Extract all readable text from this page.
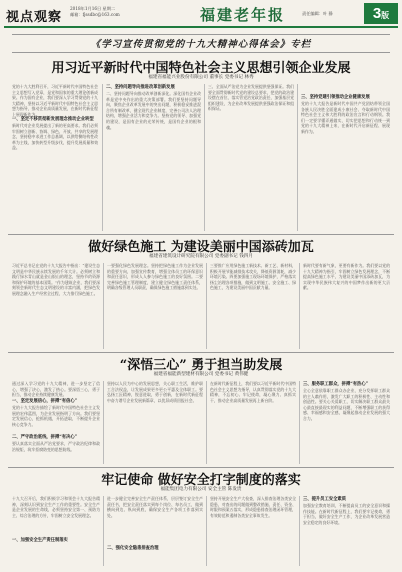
视点观察
2018年1月16日 星期二
邮箱：fjssdbc@163.com	福建老年报	责任编辑：叶 静	3版
《学习宣传贯彻党的十九大精神心得体会》专栏
用习近平新时代中国特色社会主义思想引领企业发展
福建省福能兴业股份有限公司 董事长 党委书记 林秀
党的十九大胜利召开，习近平新时代中国特色社会主义思想写入党章，是党和国家的重大理论创新成果。作为国有企业，我们要深入学习贯彻党的十九大精神，坚持以习近平新时代中国特色社会主义思想为指导，推动企业高质量发展，在新时代新征程上展现新作为。
一、坚定不移贯彻新发展理念推动企业转型
新时代对企业发展提出了新的更高要求。我们必须牢固树立创新、协调、绿色、开放、共享的发展理念，坚持稳中求进工作总基调，以供给侧结构性改革为主线，加快转型升级步伐，提升发展质量和效益。
二、坚持问题导向推进改革创新发展
二、坚持问题导向推动改革创新深化。深化国有企业改革是党中央作出的重大决策部署。我们要坚持问题导向，聚焦企业改革发展中的突出问题，积极稳妥推进混合所有制改革，健全现代企业制度，完善公司法人治理结构，增强企业活力和竞争力。坚持党的领导、加强党的建设，是国有企业的光荣传统，是国有企业的根和魂。
三、全面从严治党为企业发展提供坚强保证。我们要全面贯彻新时代党的建设总要求，把党的政治建设摆在首位，落实管党治党政治责任，加强基层党组织建设，为企业改革发展提供坚强政治保证和组织保证。
三、坚持党建引领推动企业健康发展
党的十九大报告是新时代中国共产党团结带领全国各族人民决胜全面建成小康社会、夺取新时代中国特色社会主义伟大胜利的政治宣言和行动纲领。我们一定要学懂弄通做实，切实把思想和行动统一到党的十九大精神上来，在新时代开启新征程、展现新作为。
做好绿色施工 为建设美丽中国添砖加瓦
福建省建筑设计研究院有限公司 党委副书记 钱四月
习近平总书记在党的十九大报告中指出：“建设生态文明是中华民族永续发展的千年大计。必须树立和践行绿水青山就是金山银山的理念，坚持节约资源和保护环境的基本国策。”作为建筑企业，我们要深刻领会新时代生态文明建设的丰富内涵，把绿色发展理念融入生产经营全过程，大力推行绿色施工。
一要强化绿色发展理念。坚持把绿色施工作为企业发展的重要方向，加强宣传教育，增强全体员工的环保意识和责任意识，形成人人参与绿色施工的良好氛围。二要完善绿色施工管理制度，建立健全绿色施工责任体系，明确各级管理人员职责，确保绿色施工措施落到实处。
三要推广应用绿色施工新技术、新工艺、新材料，积极开展节能减排技术攻关，降低资源消耗，减少环境污染。四要加强施工现场环境保护，严格落实扬尘治理各项措施，做到文明施工、安全施工、绿色施工，为建设美丽中国贡献力量。
新时代要有新气象，更要有新作为。我们要以党的十九大精神为指引，牢固树立绿色发展理念，不断提高绿色施工水平，为建设美丽中国添砖加瓦，为实现中华民族伟大复兴的中国梦作出新的更大贡献。
“深悟三心” 勇于担当助发展
福建省福能新型建材有限公司 党委书记 黄伟健
通过深入学习党的十九大精神，进一步坚定了信心，增强了决心，激发了热心。要深悟三心，勇于担当，推动企业持续健康发展。
一、坚定发展信心，拼搏“有信心”
党的十九大报告描绘了新时代中国特色社会主义发展的宏伟蓝图，为企业发展指明了方向。我们要坚定发展信心，抢抓机遇，开拓进取，不断提升企业核心竞争力。
二、严守政治底线，拼搏“有决心”
要认真落实全面从严治党要求，严守政治纪律和政治规矩，筑牢拒腐防变的思想防线。
坚持以人民为中心的发展思想，关心职工生活，维护职工合法权益，让发展成果更多更公平惠及全体职工。要弘扬工匠精神，锐意进取，勇于创新，在新时代新征程中奋力谱写企业发展新篇章，以优异成绩回报社会。
在新时代新征程上，我们要以习近平新时代中国特色社会主义思想为指导，认真贯彻落实党的十九大精神，不忘初心、牢记使命，凝心聚力、真抓实干，推动企业高质量发展再上新台阶。
三、服务职工群众，拼搏“有热心”
全心全意依靠职工群众办企业，充分发挥职工群众的主人翁作用，激发广大职工的积极性、主动性和创造性。要关心关爱职工，切实解决职工群众最关心最直接最现实的利益问题，不断增强职工的获得感、幸福感和安全感，凝聚起推动企业发展的强大合力。
牢记使命 做好安全打字制度的落实
福能集团电力有限公司 安全主管 陈发贵
十九大召开后，我们积极学习和领会十九大报告精神，深刻认识到安全生产工作的重要性。安全生产是企业发展的生命线，必须坚持安全第一、预防为主、综合治理的方针，牢固树立安全发展理念。
一、加强安全生产责任制落实
进一步健全完善安全生产责任体系，层层签订安全生产责任书，把安全责任落实到每个岗位、每名员工，做到横向到边、纵向到底，确保安全生产各项工作落到实处。
二、强化安全隐患排查治理
坚持开展安全生产大检查，深入排查治理各类安全隐患，对查出的问题做到整改措施、责任、资金、时限和预案五落实，形成隐患排查治理闭环管理，有效防范和遏制各类安全事故发生。
三、提升员工安全素质
加强安全教育培训，不断提高员工的安全意识和操作技能。在新时代新征程上，我们要牢记使命，勇于担当，做好安全生产工作，为企业改革发展营造安全稳定的良好环境。
